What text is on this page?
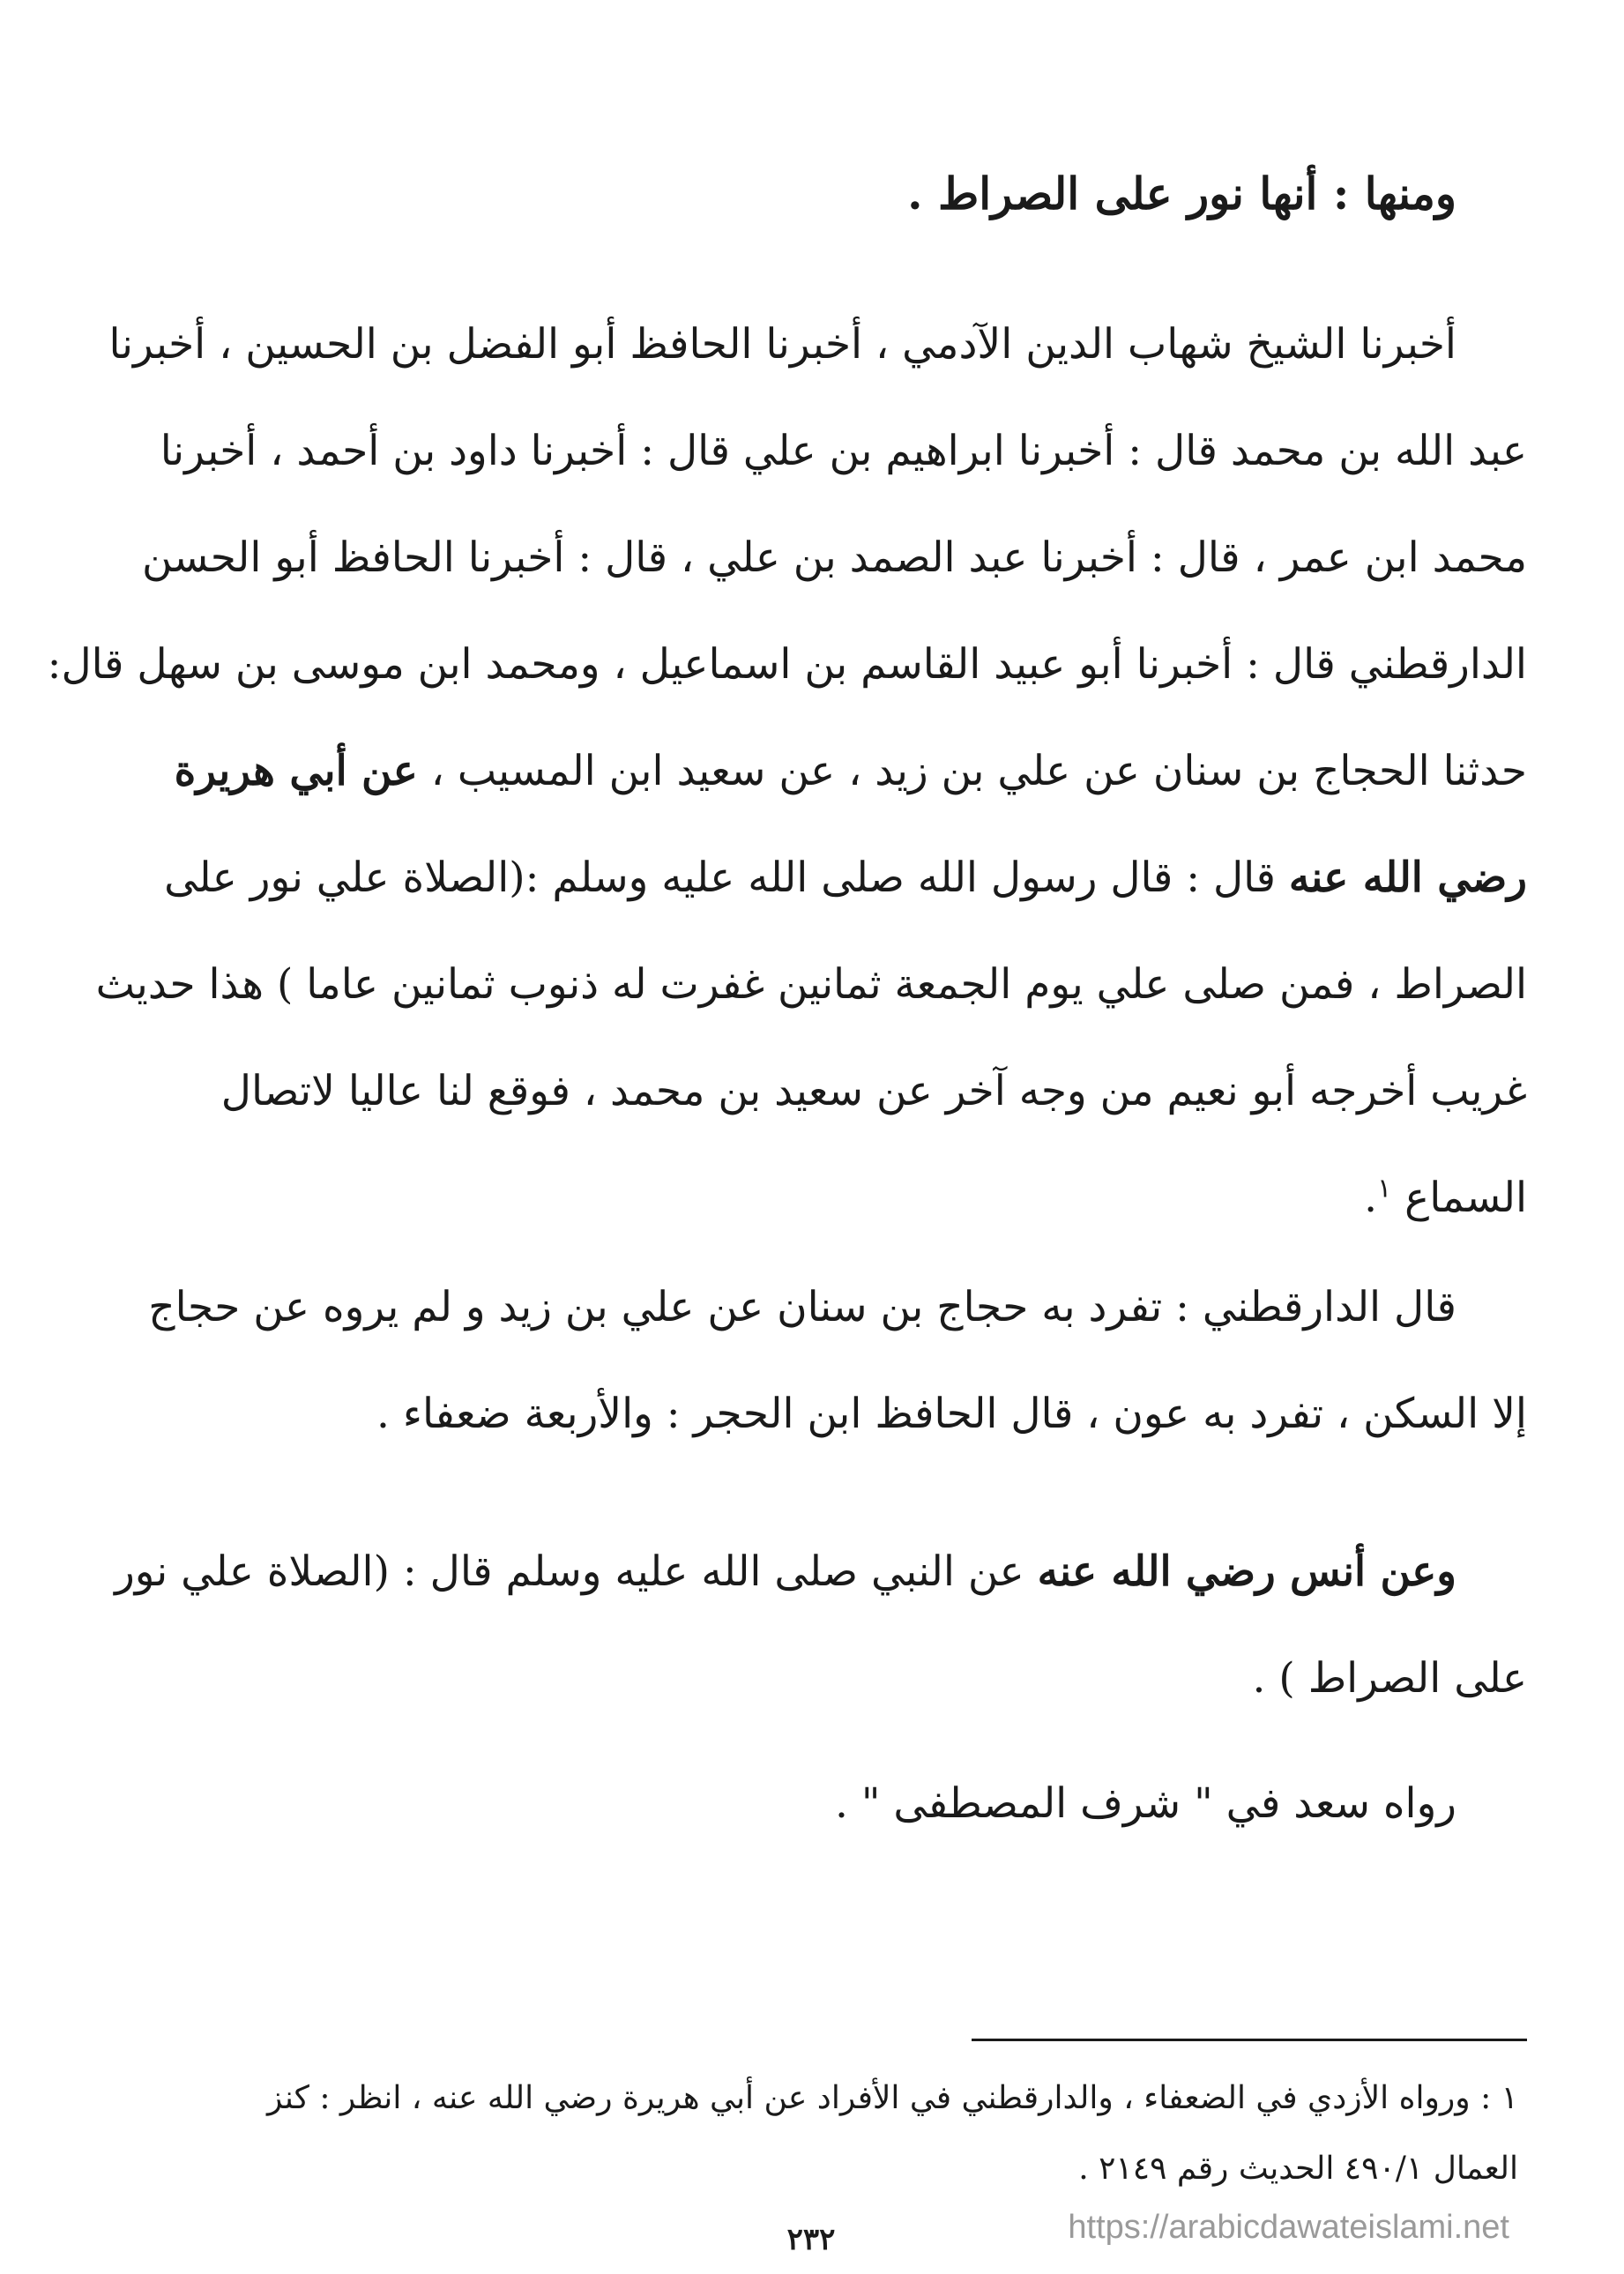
ومنها : أنها نور على الصراط .
أخبرنا الشيخ شهاب الدين الآدمي ، أخبرنا الحافظ أبو الفضل بن الحسين ، أخبرنا
عبد الله بن محمد قال : أخبرنا ابراهيم بن علي قال : أخبرنا داود بن أحمد ، أخبرنا
محمد ابن عمر ، قال : أخبرنا عبد الصمد بن علي ، قال : أخبرنا الحافظ أبو الحسن
الدارقطني قال : أخبرنا أبو عبيد القاسم بن اسماعيل ، ومحمد ابن موسى بن سهل قال:
حدثنا الحجاج بن سنان عن علي بن زيد ، عن سعيد ابن المسيب ، عن أبي هريرة
رضي الله عنه قال : قال رسول الله صلى الله عليه وسلم :(الصلاة علي نور على
الصراط ، فمن صلى علي يوم الجمعة ثمانين غفرت له ذنوب ثمانين عاما ) هذا حديث
غريب أخرجه أبو نعيم من وجه آخر عن سعيد بن محمد ، فوقع لنا عاليا لاتصال
السماع $^١$.
قال الدارقطني : تفرد به حجاج بن سنان عن علي بن زيد و لم يروه عن حجاج
إلا السكن ، تفرد به عون ، قال الحافظ ابن الحجر : والأربعة ضعفاء .
وعن أنس رضي الله عنه عن النبي صلى الله عليه وسلم قال : (الصلاة علي نور
على الصراط ) .
رواه سعد في " شرف المصطفى " .
١ : ورواه الأزدي في الضعفاء ، والدارقطني في الأفراد عن أبي هريرة رضي الله عنه ، انظر : كنز
العمال ٤٩٠/١ الحديث رقم ٢١٤٩ .
٢٣٢	https://arabicdawateislami.net
